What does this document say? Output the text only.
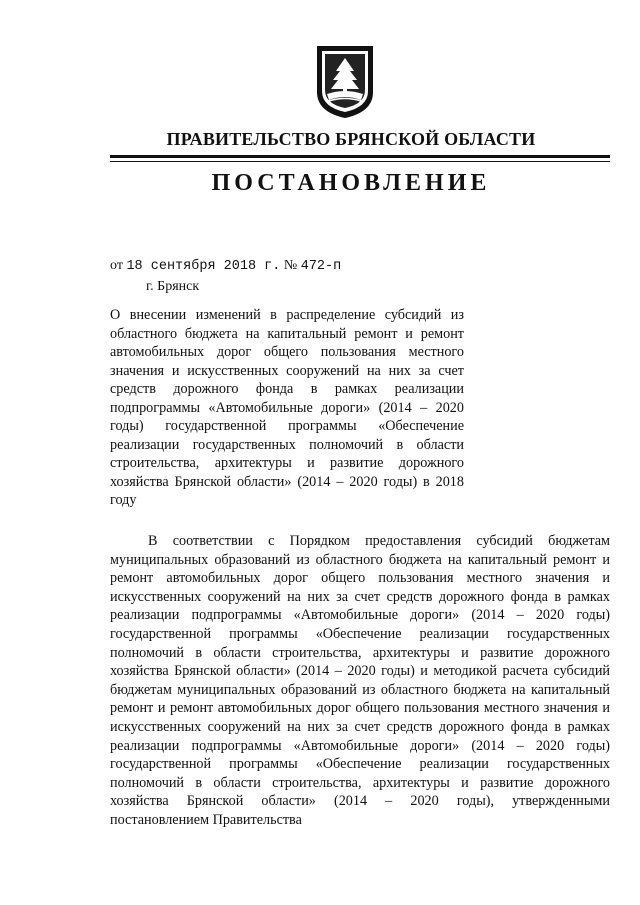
ПРАВИТЕЛЬСТВО БРЯНСКОЙ ОБЛАСТИ
ПОСТАНОВЛЕНИЕ
от 18 сентября 2018 г. № 472-п
г. Брянск
О внесении изменений в распределение субсидий из областного бюджета на капитальный ремонт и ремонт автомобильных дорог общего пользования местного значения и искусственных сооружений на них за счет средств дорожного фонда в рамках реализации подпрограммы «Автомобильные дороги» (2014 – 2020 годы) государственной программы «Обеспечение реализации государственных полномочий в области строительства, архитектуры и развитие дорожного хозяйства Брянской области» (2014 – 2020 годы) в 2018 году
В соответствии с Порядком предоставления субсидий бюджетам муниципальных образований из областного бюджета на капитальный ремонт и ремонт автомобильных дорог общего пользования местного значения и искусственных сооружений на них за счет средств дорожного фонда в рамках реализации подпрограммы «Автомобильные дороги» (2014 – 2020 годы) государственной программы «Обеспечение реализации государственных полномочий в области строительства, архитектуры и развитие дорожного хозяйства Брянской области» (2014 – 2020 годы) и методикой расчета субсидий бюджетам муниципальных образований из областного бюджета на капитальный ремонт и ремонт автомобильных дорог общего пользования местного значения и искусственных сооружений на них за счет средств дорожного фонда в рамках реализации подпрограммы «Автомобильные дороги» (2014 – 2020 годы) государственной программы «Обеспечение реализации государственных полномочий в области строительства, архитектуры и развитие дорожного хозяйства Брянской области» (2014 – 2020 годы), утвержденными постановлением Правительства
